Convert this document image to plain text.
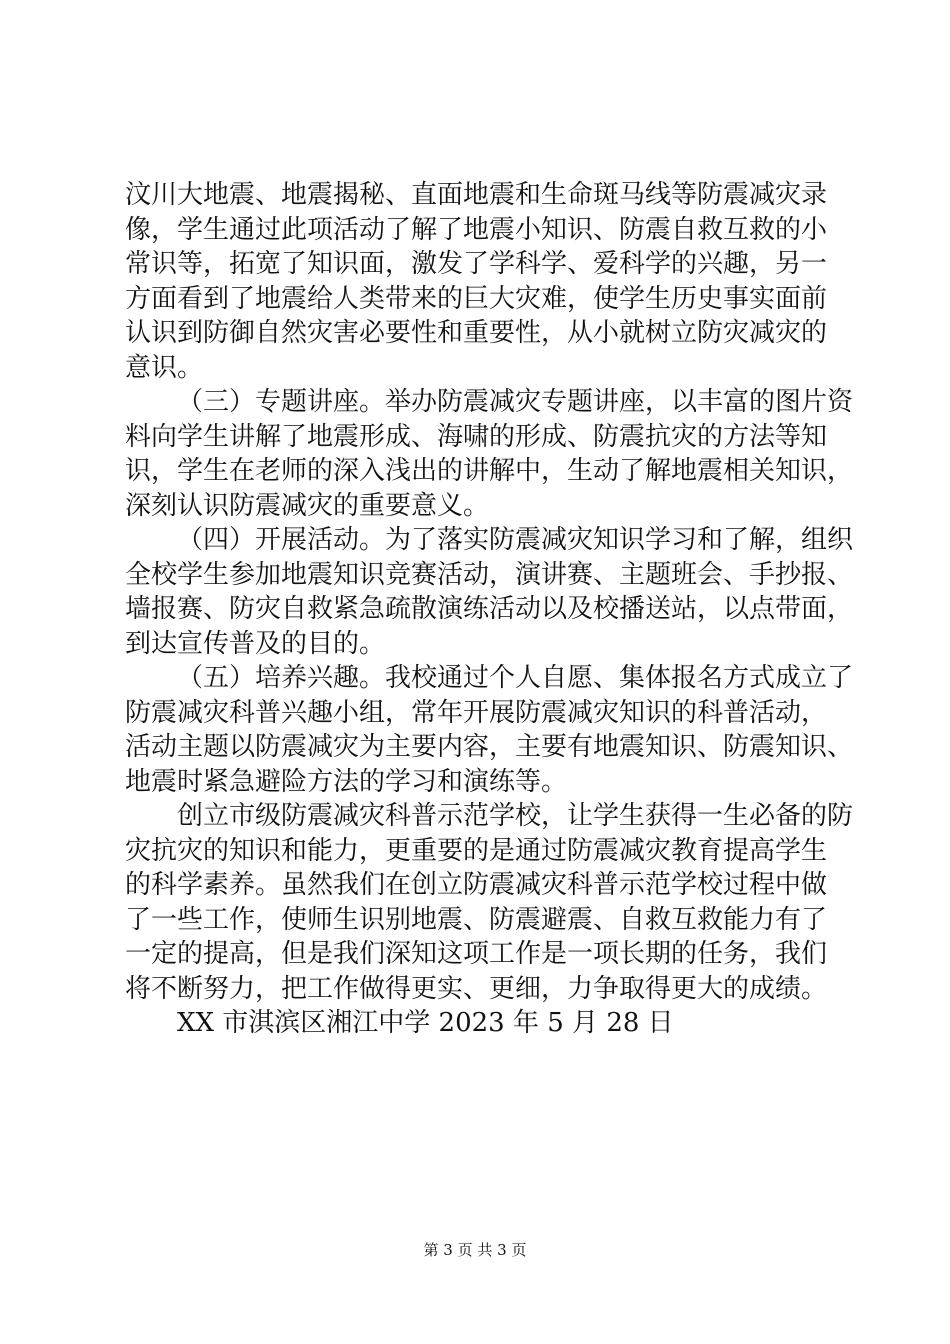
汶川大地震、地震揭秘、直面地震和生命斑马线等防震减灾录
像，学生通过此项活动了解了地震小知识、防震自救互救的小
常识等，拓宽了知识面，激发了学科学、爱科学的兴趣，另一
方面看到了地震给人类带来的巨大灾难，使学生历史事实面前
认识到防御自然灾害必要性和重要性，从小就树立防灾减灾的
意识。
（三）专题讲座。举办防震减灾专题讲座，以丰富的图片资
料向学生讲解了地震形成、海啸的形成、防震抗灾的方法等知
识，学生在老师的深入浅出的讲解中，生动了解地震相关知识，
深刻认识防震减灾的重要意义。
（四）开展活动。为了落实防震减灾知识学习和了解，组织
全校学生参加地震知识竞赛活动，演讲赛、主题班会、手抄报、
墙报赛、防灾自救紧急疏散演练活动以及校播送站，以点带面，
到达宣传普及的目的。
（五）培养兴趣。我校通过个人自愿、集体报名方式成立了
防震减灾科普兴趣小组，常年开展防震减灾知识的科普活动，
活动主题以防震减灾为主要内容，主要有地震知识、防震知识、
地震时紧急避险方法的学习和演练等。
创立市级防震减灾科普示范学校，让学生获得一生必备的防
灾抗灾的知识和能力，更重要的是通过防震减灾教育提高学生
的科学素养。虽然我们在创立防震减灾科普示范学校过程中做
了一些工作，使师生识别地震、防震避震、自救互救能力有了
一定的提高，但是我们深知这项工作是一项长期的任务，我们
将不断努力，把工作做得更实、更细，力争取得更大的成绩。
XX 市淇滨区湘江中学 2023 年 5 月 28 日
第 3 页 共 3 页
